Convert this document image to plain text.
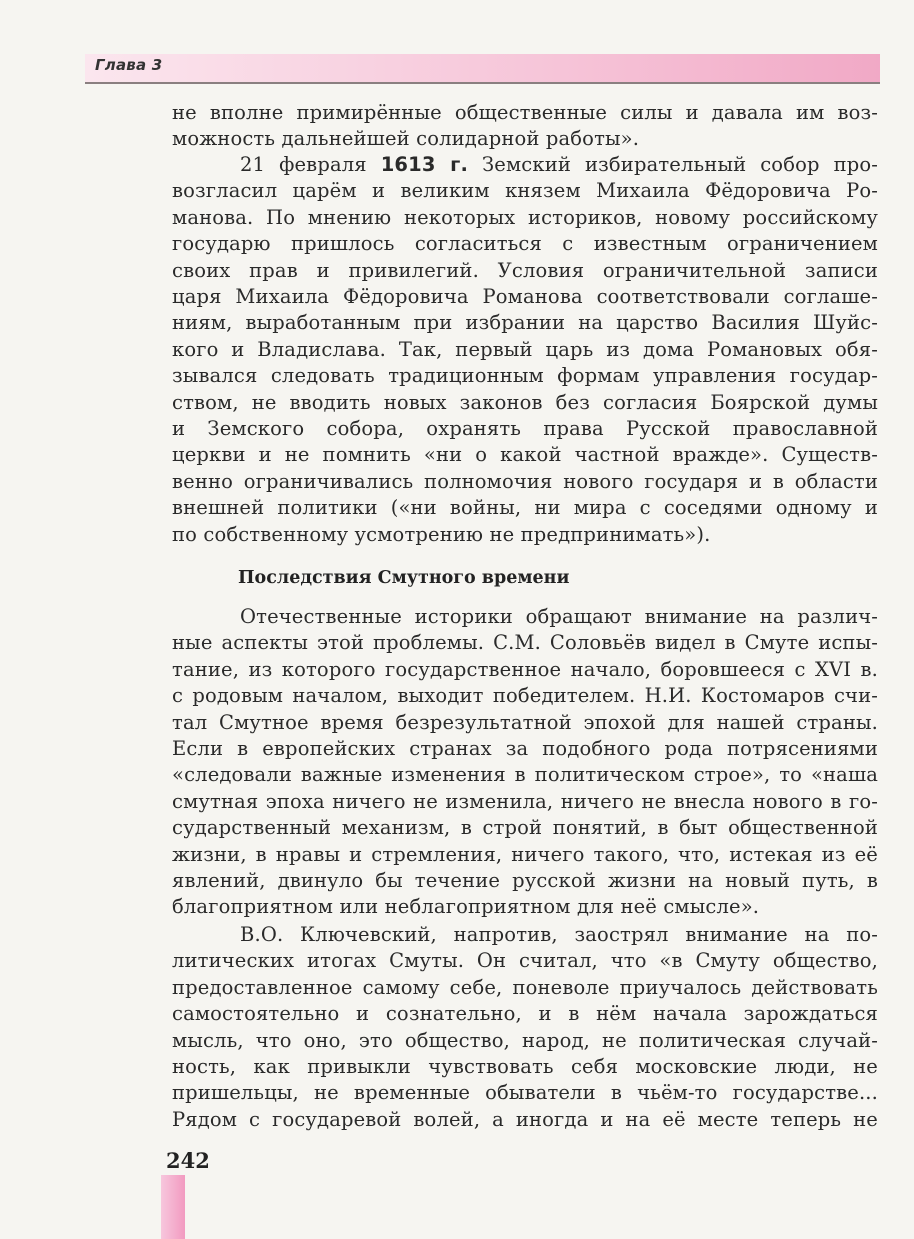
Глава 3
не вполне примирённые общественные силы и давала им воз-
можность дальнейшей солидарной работы».
21 февраля 1613 г. Земский избирательный собор про-
возгласил царём и великим князем Михаила Фёдоровича Ро-
манова. По мнению некоторых историков, новому российскому
государю пришлось согласиться с известным ограничением
своих прав и привилегий. Условия ограничительной записи
царя Михаила Фёдоровича Романова соответствовали соглаше-
ниям, выработанным при избрании на царство Василия Шуйс-
кого и Владислава. Так, первый царь из дома Романовых обя-
зывался следовать традиционным формам управления государ-
ством, не вводить новых законов без согласия Боярской думы
и Земского собора, охранять права Русской православной
церкви и не помнить «ни о какой частной вражде». Существ-
венно ограничивались полномочия нового государя и в области
внешней политики («ни войны, ни мира с соседями одному и
по собственному усмотрению не предпринимать»).
Последствия Смутного времени
Отечественные историки обращают внимание на различ-
ные аспекты этой проблемы. С.М. Соловьёв видел в Смуте испы-
тание, из которого государственное начало, боровшееся с XVI в.
с родовым началом, выходит победителем. Н.И. Костомаров счи-
тал Смутное время безрезультатной эпохой для нашей страны.
Если в европейских странах за подобного рода потрясениями
«следовали важные изменения в политическом строе», то «наша
смутная эпоха ничего не изменила, ничего не внесла нового в го-
сударственный механизм, в строй понятий, в быт общественной
жизни, в нравы и стремления, ничего такого, что, истекая из её
явлений, двинуло бы течение русской жизни на новый путь, в
благоприятном или неблагоприятном для неё смысле».
В.О. Ключевский, напротив, заострял внимание на по-
литических итогах Смуты. Он считал, что «в Смуту общество,
предоставленное самому себе, поневоле приучалось действовать
самостоятельно и сознательно, и в нём начала зарождаться
мысль, что оно, это общество, народ, не политическая случай-
ность, как привыкли чувствовать себя московские люди, не
пришельцы, не временные обыватели в чьём-то государстве...
Рядом с государевой волей, а иногда и на её месте теперь не
242
